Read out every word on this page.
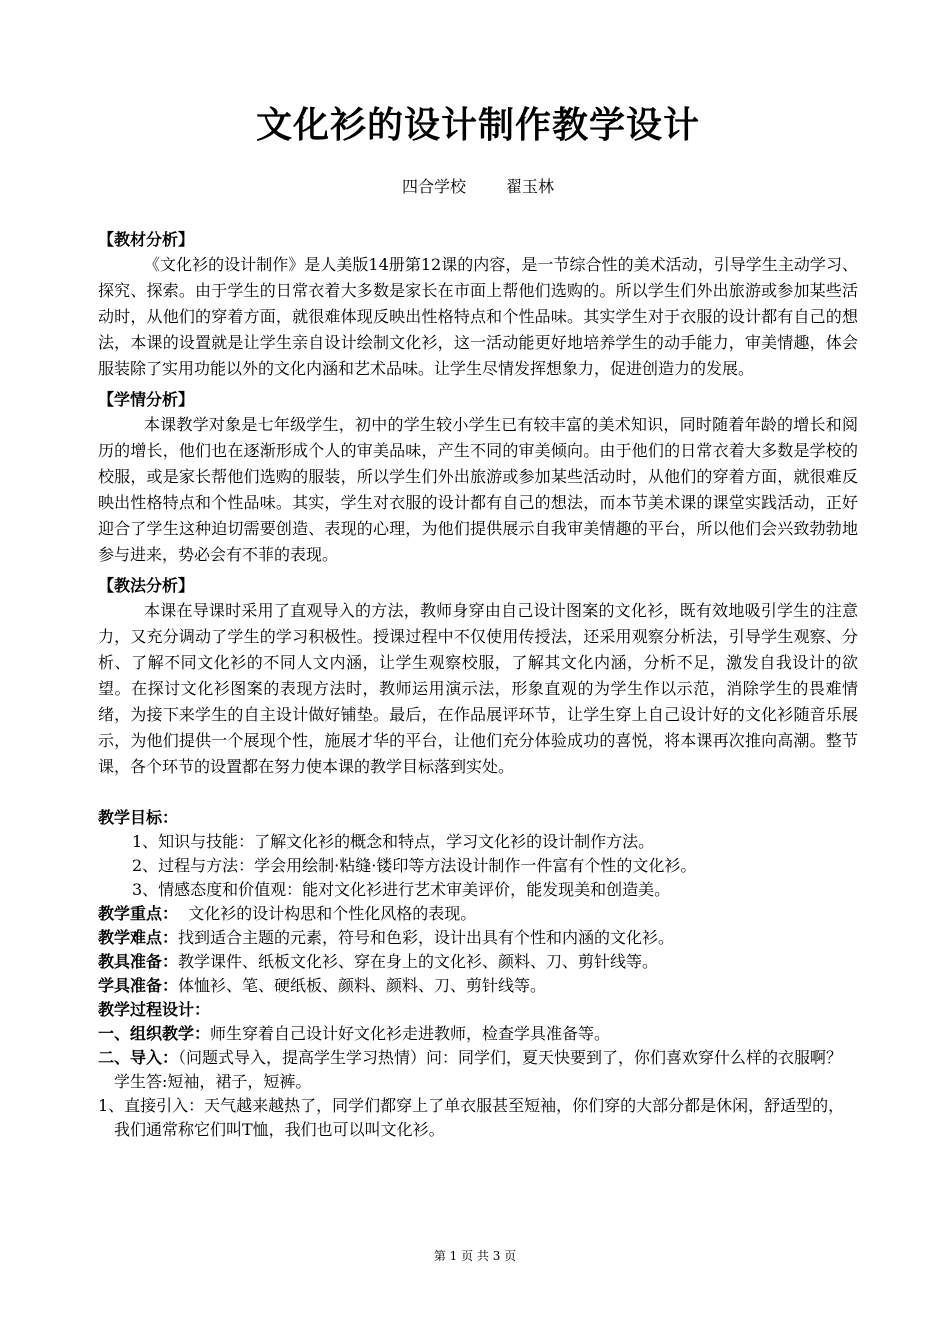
文化衫的设计制作教学设计
四合学校	翟玉林
【教材分析】

《文化衫的设计制作》是人美版14册第12课的内容，是一节综合性的美术活动，引导学生主动学习、探究、探索。由于学生的日常衣着大多数是家长在市面上帮他们选购的。所以学生们外出旅游或参加某些活动时，从他们的穿着方面，就很难体现反映出性格特点和个性品味。其实学生对于衣服的设计都有自己的想法，本课的设置就是让学生亲自设计绘制文化衫，这一活动能更好地培养学生的动手能力，审美情趣，体会服装除了实用功能以外的文化内涵和艺术品味。让学生尽情发挥想象力，促进创造力的发展。

【学情分析】

本课教学对象是七年级学生，初中的学生较小学生已有较丰富的美术知识，同时随着年龄的增长和阅历的增长，他们也在逐渐形成个人的审美品味，产生不同的审美倾向。由于他们的日常衣着大多数是学校的校服，或是家长帮他们选购的服装，所以学生们外出旅游或参加某些活动时，从他们的穿着方面，就很难反映出性格特点和个性品味。其实，学生对衣服的设计都有自己的想法，而本节美术课的课堂实践活动，正好迎合了学生这种迫切需要创造、表现的心理，为他们提供展示自我审美情趣的平台，所以他们会兴致勃勃地参与进来，势必会有不菲的表现。

【教法分析】

本课在导课时采用了直观导入的方法，教师身穿由自己设计图案的文化衫，既有效地吸引学生的注意力，又充分调动了学生的学习积极性。授课过程中不仅使用传授法，还采用观察分析法，引导学生观察、分析、了解不同文化衫的不同人文内涵，让学生观察校服，了解其文化内涵，分析不足，激发自我设计的欲望。在探讨文化衫图案的表现方法时，教师运用演示法，形象直观的为学生作以示范，消除学生的畏难情绪，为接下来学生的自主设计做好铺垫。最后，在作品展评环节，让学生穿上自己设计好的文化衫随音乐展示，为他们提供一个展现个性，施展才华的平台，让他们充分体验成功的喜悦，将本课再次推向高潮。整节课，各个环节的设置都在努力使本课的教学目标落到实处。

教学目标：
1、知识与技能：了解文化衫的概念和特点，学习文化衫的设计制作方法。
2、过程与方法：学会用绘制·粘缝·镂印等方法设计制作一件富有个性的文化衫。
3、情感态度和价值观：能对文化衫进行艺术审美评价，能发现美和创造美。
教学重点：  文化衫的设计构思和个性化风格的表现。
教学难点：找到适合主题的元素，符号和色彩，设计出具有个性和内涵的文化衫。
教具准备：教学课件、纸板文化衫、穿在身上的文化衫、颜料、刀、剪针线等。
学具准备：体恤衫、笔、硬纸板、颜料、颜料、刀、剪针线等。
教学过程设计：
一、组织教学：师生穿着自己设计好文化衫走进教师，检查学具准备等。
二、导入：（问题式导入，提高学生学习热情）问：同学们，夏天快要到了，你们喜欢穿什么样的衣服啊？学生答:短袖，裙子，短裤。
1、直接引入：天气越来越热了，同学们都穿上了单衣服甚至短袖，你们穿的大部分都是休闲，舒适型的，我们通常称它们叫T恤，我们也可以叫文化衫。
第 1 页 共 3 页
